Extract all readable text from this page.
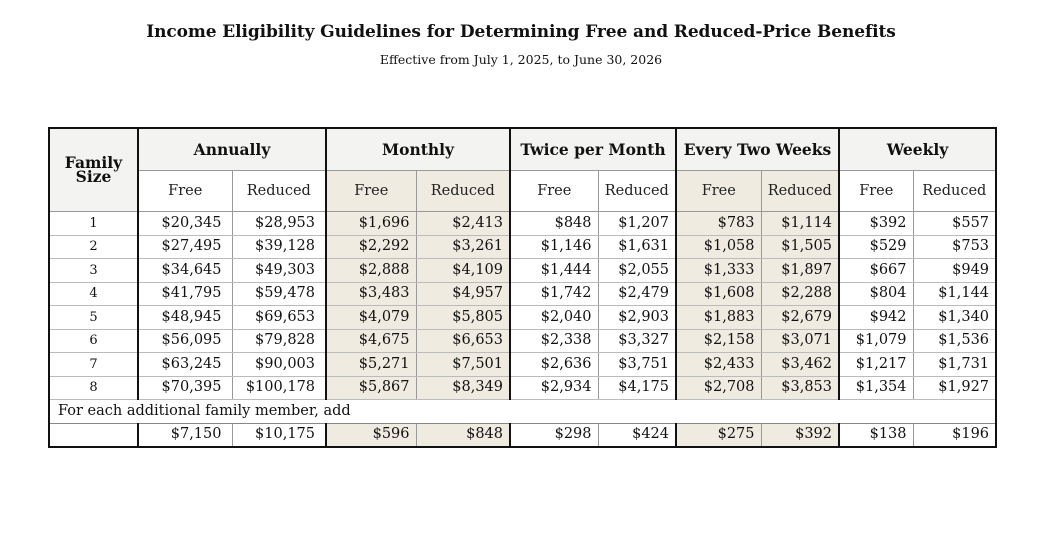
Income Eligibility Guidelines for Determining Free and Reduced-Price Benefits
Effective from July 1, 2025, to June 30, 2026
Family Size	Annually		Monthly		Twice per Month		Every Two Weeks		Weekly	
	Free	Reduced	Free	Reduced	Free	Reduced	Free	Reduced	Free	Reduced
1	$20,345	$28,953	$1,696	$2,413	$848	$1,207	$783	$1,114	$392	$557
2	$27,495	$39,128	$2,292	$3,261	$1,146	$1,631	$1,058	$1,505	$529	$753
3	$34,645	$49,303	$2,888	$4,109	$1,444	$2,055	$1,333	$1,897	$667	$949
4	$41,795	$59,478	$3,483	$4,957	$1,742	$2,479	$1,608	$2,288	$804	$1,144
5	$48,945	$69,653	$4,079	$5,805	$2,040	$2,903	$1,883	$2,679	$942	$1,340
6	$56,095	$79,828	$4,675	$6,653	$2,338	$3,327	$2,158	$3,071	$1,079	$1,536
7	$63,245	$90,003	$5,271	$7,501	$2,636	$3,751	$2,433	$3,462	$1,217	$1,731
8	$70,395	$100,178	$5,867	$8,349	$2,934	$4,175	$2,708	$3,853	$1,354	$1,927
For each additional family member, add										
	$7,150	$10,175	$596	$848	$298	$424	$275	$392	$138	$196
